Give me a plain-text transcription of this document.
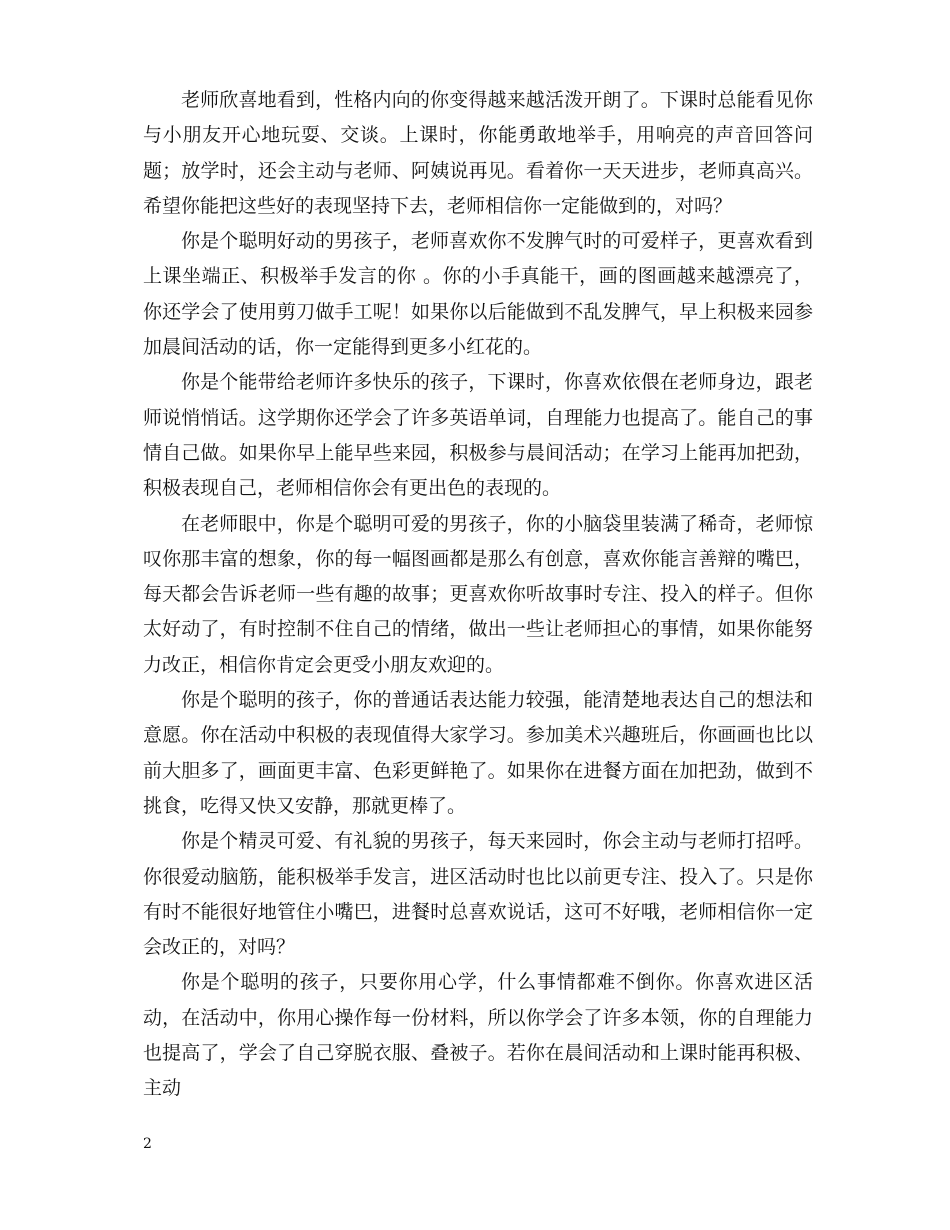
老师欣喜地看到，性格内向的你变得越来越活泼开朗了。下课时总能看见你与小朋友开心地玩耍、交谈。上课时，你能勇敢地举手，用响亮的声音回答问题；放学时，还会主动与老师、阿姨说再见。看着你一天天进步，老师真高兴。希望你能把这些好的表现坚持下去，老师相信你一定能做到的，对吗？

你是个聪明好动的男孩子，老师喜欢你不发脾气时的可爱样子，更喜欢看到上课坐端正、积极举手发言的你 。你的小手真能干，画的图画越来越漂亮了，你还学会了使用剪刀做手工呢！如果你以后能做到不乱发脾气，早上积极来园参加晨间活动的话，你一定能得到更多小红花的。

你是个能带给老师许多快乐的孩子，下课时，你喜欢依偎在老师身边，跟老师说悄悄话。这学期你还学会了许多英语单词，自理能力也提高了。能自己的事情自己做。如果你早上能早些来园，积极参与晨间活动；在学习上能再加把劲，积极表现自己，老师相信你会有更出色的表现的。

在老师眼中，你是个聪明可爱的男孩子，你的小脑袋里装满了稀奇，老师惊叹你那丰富的想象，你的每一幅图画都是那么有创意，喜欢你能言善辩的嘴巴，每天都会告诉老师一些有趣的故事；更喜欢你听故事时专注、投入的样子。但你太好动了，有时控制不住自己的情绪，做出一些让老师担心的事情，如果你能努力改正，相信你肯定会更受小朋友欢迎的。

你是个聪明的孩子，你的普通话表达能力较强，能清楚地表达自己的想法和意愿。你在活动中积极的表现值得大家学习。参加美术兴趣班后，你画画也比以前大胆多了，画面更丰富、色彩更鲜艳了。如果你在进餐方面在加把劲，做到不挑食，吃得又快又安静，那就更棒了。

你是个精灵可爱、有礼貌的男孩子，每天来园时，你会主动与老师打招呼。你很爱动脑筋，能积极举手发言，进区活动时也比以前更专注、投入了。只是你有时不能很好地管住小嘴巴，进餐时总喜欢说话，这可不好哦，老师相信你一定会改正的，对吗？

你是个聪明的孩子，只要你用心学，什么事情都难不倒你。你喜欢进区活动，在活动中，你用心操作每一份材料，所以你学会了许多本领，你的自理能力也提高了，学会了自己穿脱衣服、叠被子。若你在晨间活动和上课时能再积极、主动

2
